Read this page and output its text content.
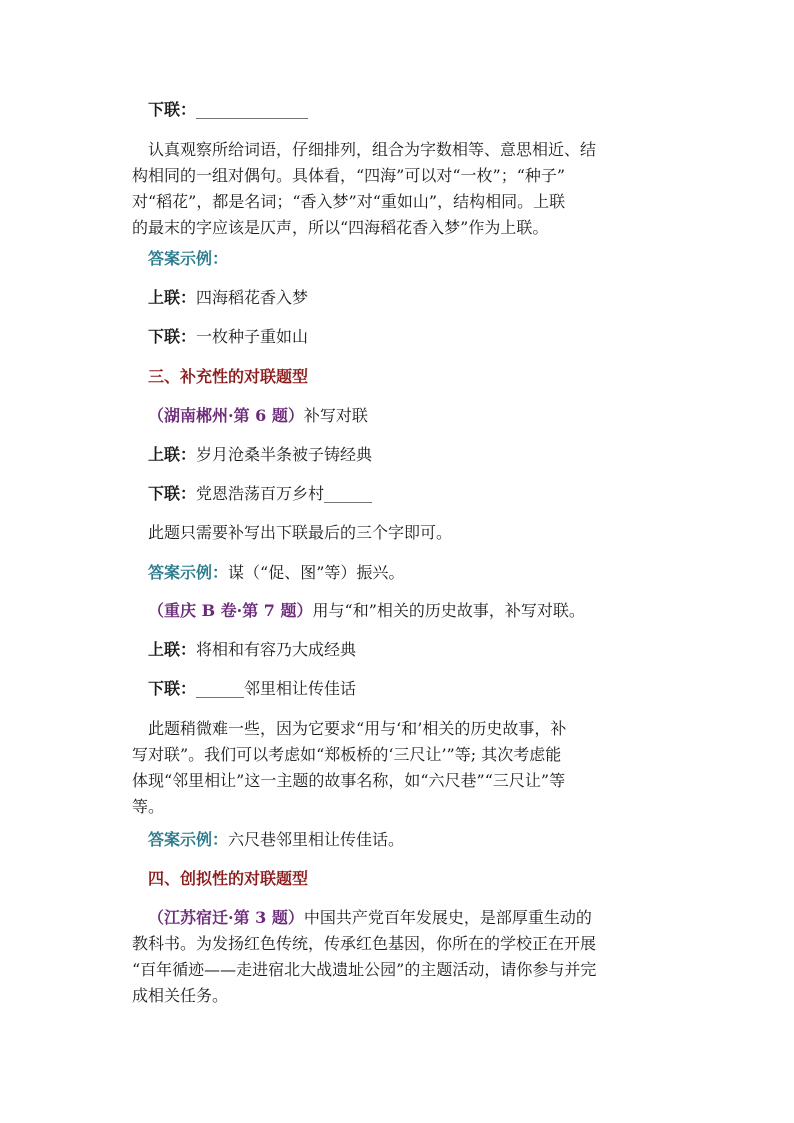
下联：______________
认真观察所给词语，仔细排列，组合为字数相等、意思相近、结
构相同的一组对偶句。具体看，“四海”可以对“一枚”；“种子”
对“稻花”，都是名词；“香入梦”对“重如山”，结构相同。上联
的最末的字应该是仄声，所以“四海稻花香入梦”作为上联。
答案示例：
上联：四海稻花香入梦
下联：一枚种子重如山
三、补充性的对联题型
（湖南郴州·第 6 题）补写对联
上联：岁月沧桑半条被子铸经典
下联：党恩浩荡百万乡村______
此题只需要补写出下联最后的三个字即可。
答案示例：谋（“促、图”等）振兴。
（重庆 B 卷·第 7 题）用与“和”相关的历史故事，补写对联。
上联：将相和有容乃大成经典
下联：______邻里相让传佳话
此题稍微难一些，因为它要求“用与‘和’相关的历史故事，补
写对联”。我们可以考虑如“郑板桥的‘三尺让’”等; 其次考虑能
体现“邻里相让”这一主题的故事名称，如“六尺巷”“三尺让”等
等。
答案示例：六尺巷邻里相让传佳话。
四、创拟性的对联题型
（江苏宿迁·第 3 题）中国共产党百年发展史，是部厚重生动的
教科书。为发扬红色传统，传承红色基因，你所在的学校正在开展
“百年循迹——走进宿北大战遗址公园”的主题活动，请你参与并完
成相关任务。
